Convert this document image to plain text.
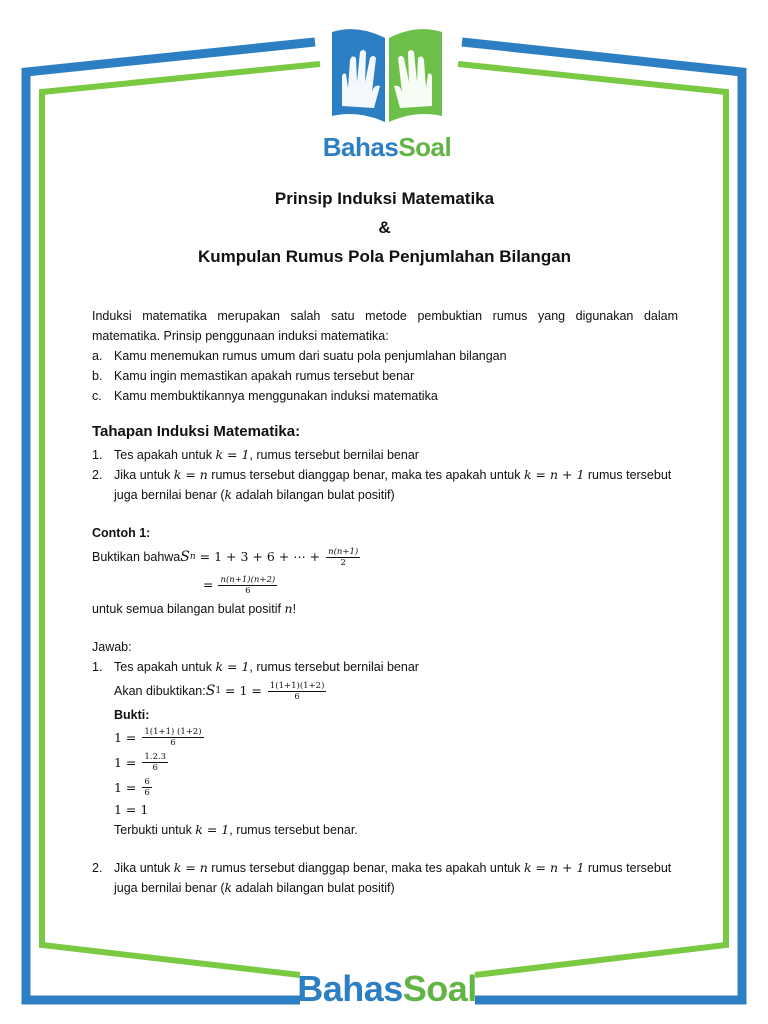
BahasSoal
Prinsip Induksi Matematika
&
Kumpulan Rumus Pola Penjumlahan Bilangan
Induksi matematika merupakan salah satu metode pembuktian rumus yang digunakan dalam matematika. Prinsip penggunaan induksi matematika:
a. Kamu menemukan rumus umum dari suatu pola penjumlahan bilangan
b. Kamu ingin memastikan apakah rumus tersebut benar
c. Kamu membuktikannya menggunakan induksi matematika
Tahapan Induksi Matematika:
1. Tes apakah untuk k = 1, rumus tersebut bernilai benar
2. Jika untuk k = n rumus tersebut dianggap benar, maka tes apakah untuk k = n + 1 rumus tersebut juga bernilai benar (k adalah bilangan bulat positif)
Contoh 1:
Buktikan bahwa S n = 1 + 3 + 6 + ⋯ + $\frac{n(n+1)}{2}$
= $\frac{n(n+1)(n+2)}{6}$
untuk semua bilangan bulat positif n!
Jawab:
1. Tes apakah untuk k = 1, rumus tersebut bernilai benar
Akan dibuktikan: S $1 = 1 = \frac{1(1+1)(1+2)}{6}$
Bukti:
$1 = \frac{1(1+1) (1+2)}{6}$
$1 = \frac{1.2.3}{6}$
$1 = \frac{6}{6}$
1 = 1
Terbukti untuk k = 1, rumus tersebut benar.
2. Jika untuk k = n rumus tersebut dianggap benar, maka tes apakah untuk k = n + 1 rumus tersebut juga bernilai benar (k adalah bilangan bulat positif)
BahasSoal
